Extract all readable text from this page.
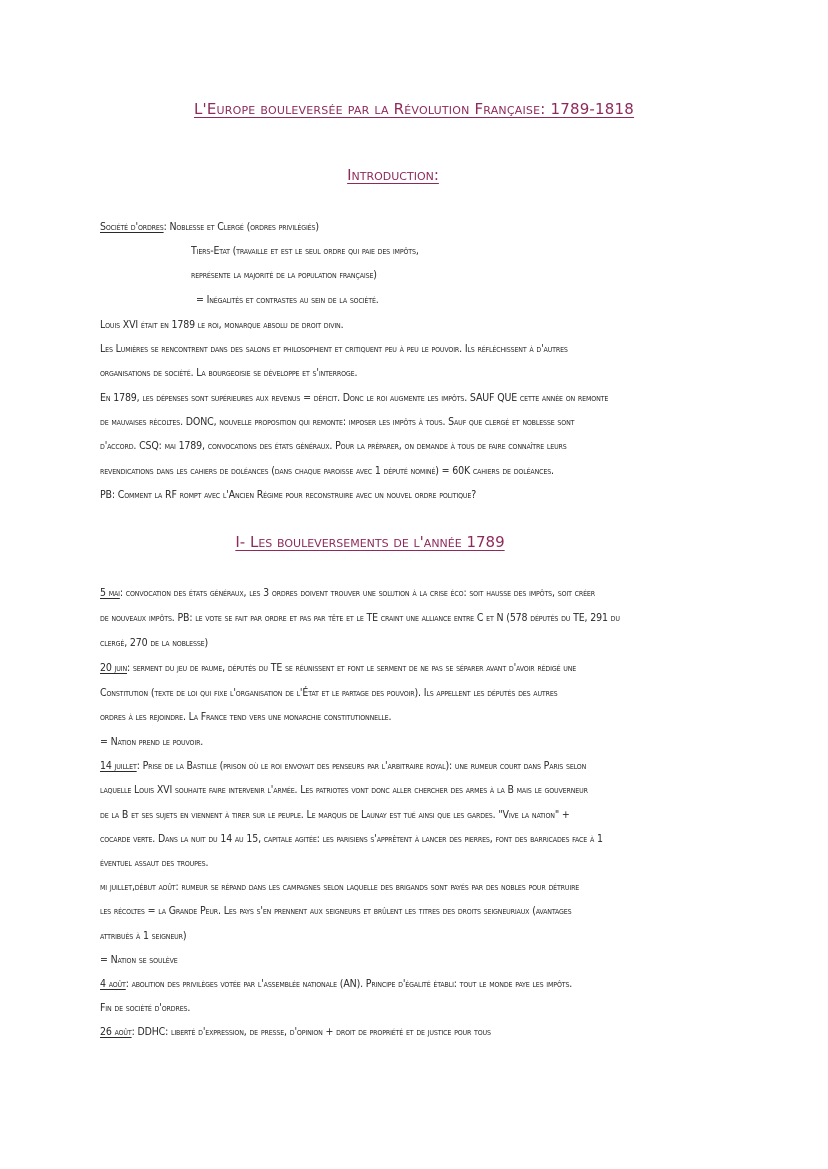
L'Europe bouleversée par la Révolution Française: 1789-1818
Introduction:
Société d'ordres: Noblesse et Clergé (ordres privilégiés)
Tiers-Etat (travaille et est le seul ordre qui paie des impôts,
représente la majorité de la population française)
= Inégalités et contrastes au sein de la société.
Louis XVI était en 1789 le roi, monarque absolu de droit divin.
Les Lumières se rencontrent dans des salons et philosophient et critiquent peu à peu le pouvoir. Ils réfléchissent à d'autres
organisations de société. La bourgeoisie se développe et s'interroge.
En 1789, les dépenses sont supérieures aux revenus = déficit. Donc le roi augmente les impôts. SAUF QUE cette année on remonte
de mauvaises récoltes. DONC, nouvelle proposition qui remonte: imposer les impôts à tous. Sauf que clergé et noblesse sont
d'accord. CSQ: mai 1789, convocations des états généraux. Pour la préparer, on demande à tous de faire connaître leurs
revendications dans les cahiers de doléances (dans chaque paroisse avec 1 député nominé) = 60K cahiers de doléances.
PB: Comment la RF rompt avec l'Ancien Régime pour reconstruire avec un nouvel ordre politique?
I- Les bouleversements de l'année 1789
5 mai: convocation des états généraux, les 3 ordres doivent trouver une solution à la crise éco: soit hausse des impôts, soit créer
de nouveaux impôts. PB: le vote se fait par ordre et pas par tête et le TE craint une alliance entre C et N (578 députés du TE, 291 du
clergé, 270 de la noblesse)
20 juin: serment du jeu de paume, députés du TE se réunissent et font le serment de ne pas se séparer avant d'avoir rédigé une
Constitution (texte de loi qui fixe l'organisation de l'État et le partage des pouvoir). Ils appellent les députés des autres
ordres à les rejoindre. La France tend vers une monarchie constitutionnelle.
= Nation prend le pouvoir.
14 juillet: Prise de la Bastille (prison où le roi envoyait des penseurs par l'arbitraire royal): une rumeur court dans Paris selon
laquelle Louis XVI souhaite faire intervenir l'armée. Les patriotes vont donc aller chercher des armes à la B mais le gouverneur
de la B et ses sujets en viennent à tirer sur le peuple. Le marquis de Launay est tué ainsi que les gardes. "Vive la nation" +
cocarde verte. Dans la nuit du 14 au 15, capitale agitée: les parisiens s'apprêtent à lancer des pierres, font des barricades face à 1
éventuel assaut des troupes.
mi juillet,début août: rumeur se répand dans les campagnes selon laquelle des brigands sont payés par des nobles pour détruire
les récoltes = la Grande Peur. Les pays s'en prennent aux seigneurs et brûlent les titres des droits seigneuriaux (avantages
attribués à 1 seigneur)
= Nation se soulève
4 août: abolition des privilèges votée par l'assemblée nationale (AN). Principe d'égalité établi: tout le monde paye les impôts.
Fin de société d'ordres.
26 août: DDHC: liberté d'expression, de presse, d'opinion + droit de propriété et de justice pour tous
